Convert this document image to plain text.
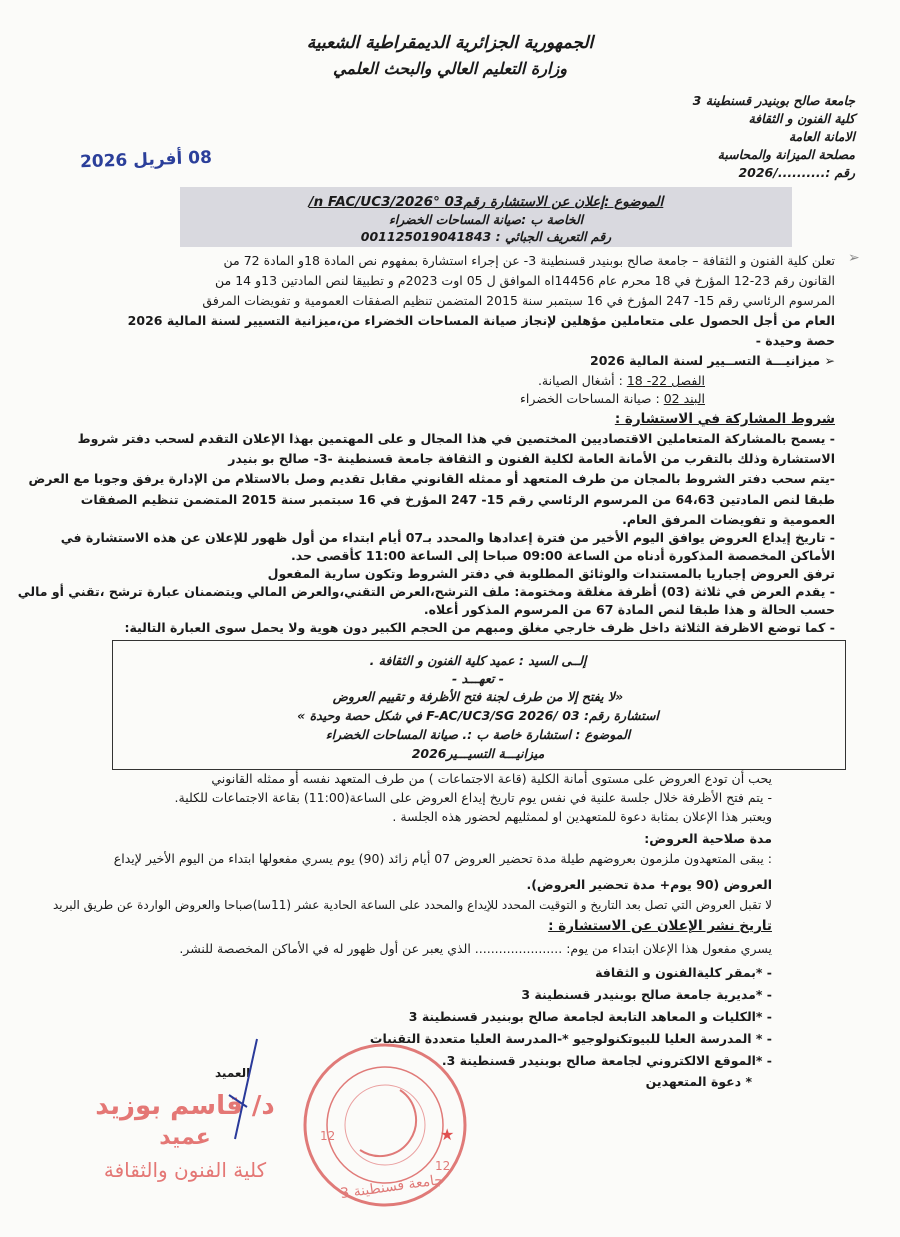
الجمهورية الجزائرية الديمقراطية الشعبية
وزارة التعليم العالي والبحث العلمي
جامعة صالح بوبنيدر قسنطينة 3
كلية الفنون و الثقافة
الامانة العامة
مصلحة الميزانة والمحاسبة
رقم :........../2026
08 أفريل 2026
الموضوع :إعلان عن الاستشارة رقم03 °n FAC/UC3/2026/
الخاصة ب :صيانة المساحات الخضراء
رقم التعريف الجبائي : 001125019041843
➢
تعلن كلية الفنون و الثقافة – جامعة صالح بوبنيدر قسنطينة 3- عن إجراء استشارة بمفهوم نص المادة 18و المادة 72 من
القانون رقم 23-12 المؤرخ في 18 محرم عام 14456اه الموافق ل 05 اوت 2023م و تطبيقا لنص المادتين 13و 14 من
المرسوم الرئاسي رقم 15- 247 المؤرخ في 16 سبتمبر سنة 2015 المتضمن تنظيم الصفقات العمومية و تفويضات المرفق
العام من أجل الحصول على متعاملين مؤهلين لإنجاز صيانة المساحات الخضراء من،ميزانية التسيير لسنة المالية 2026
حصة وحيدة -
➢ ميزانيـــة التســيير لسنة المالية 2026
الفصل 22- 18 : أشغال الصيانة.
البند 02 : صيانة المساحات الخضراء
شروط المشاركة في الاستشارة :
- يسمح بالمشاركة المتعاملين الاقتصاديين المختصين في هذا المجال و على المهتمين بهذا الإعلان التقدم لسحب دفتر شروط
الاستشارة وذلك بالتقرب من الأمانة العامة لكلية الفنون و الثقافة جامعة قسنطينة -3- صالح بو بنيدر
-يتم سحب دفتر الشروط بالمجان من طرف المتعهد أو ممثله القانوني مقابل تقديم وصل بالاستلام من الإدارة يرفق وجوبا مع العرض
طبقا لنص المادتين 64،63 من المرسوم الرئاسي رقم 15- 247 المؤرخ في 16 سبتمبر سنة 2015 المتضمن تنظيم الصفقات
العمومية و تفويضات المرفق العام.
- تاريخ إيداع العروض يوافق اليوم الأخير من فترة إعدادها والمحدد بـ07 أيام ابتداء من أول ظهور للإعلان عن هذه الاستشارة في
الأماكن المخصصة المذكورة أدناه من الساعة 09:00 صباحا إلى الساعة 11:00 كأقصى حد.
ترفق العروض إجباريا بالمستندات والوثائق المطلوبة في دفتر الشروط وتكون سارية المفعول
- يقدم العرض في ثلاثة (03) أظرفة مغلقة ومختومة: ملف الترشح،العرض التقني،والعرض المالي ويتضمنان عبارة ترشح ،تقني أو مالي
حسب الحالة و هذا طبقا لنص المادة 67 من المرسوم المذكور أعلاه.
- كما توضع الاظرفة الثلاثة داخل ظرف خارجي مغلق ومبهم من الحجم الكبير دون هوية ولا يحمل سوى العبارة التالية:
إلــى السيد : عميد كلية الفنون و الثقافة .
- تعهـــد -
«لا يفتح إلا من طرف لجنة فتح الأظرفة و تقييم العروض
استشارة رقم: F-AC/UC3/SG 2026/ 03 في شكل حصة وحيدة »
الموضوع : استشارة خاصة ب :. صيانة المساحات الخضراء
ميزانيـــة التسيـــير2026
يحب أن تودع العروض على مستوى أمانة الكلية (قاعة الاجتماعات ) من طرف المتعهد نفسه أو ممثله القانوني
- يتم فتح الأظرفة خلال جلسة علنية في نفس يوم تاريخ إيداع العروض على الساعة(11:00) بقاعة الاجتماعات للكلية.
ويعتبر هذا الإعلان بمثابة دعوة للمتعهدين او لممثليهم لحضور هذه الجلسة .
مدة صلاحية العروض:
: يبقى المتعهدون ملزمون بعروضهم طيلة مدة تحضير العروض 07 أيام زائد (90) يوم يسري مفعولها ابتداء من اليوم الأخير لإيداع
العروض (90 يوم+ مدة تحضير العروض).
لا تقبل العروض التي تصل بعد التاريخ و التوقيت المحدد للإيداع والمحدد على الساعة الحادية عشر (11سا)صباحا والعروض الواردة عن طريق البريد
تاريخ نشر الإعلان عن الاستشارة :
يسري مفعول هذا الإعلان ابتداء من يوم: ...................... الذي يعبر عن أول ظهور له في الأماكن المخصصة للنشر.
- *بمقر كليةالفنون و الثقافة
- *مديرية جامعة صالح بوبنيدر قسنطينة 3
- *الكليات و المعاهد التابعة لجامعة صالح بوبنيدر قسنطينة 3
- * المدرسة العليا للبيوتكنولوجيو *-المدرسة العليا متعددة التقنيات
- *الموقع الالكتروني لجامعة صالح بوبنيدر قسنطينة 3.
* دعوة المتعهدين
العميد
د/ قاسم بوزيد
عميد
كلية الفنون والثقافة
★
12
12
جامعة قسنطينة 3
